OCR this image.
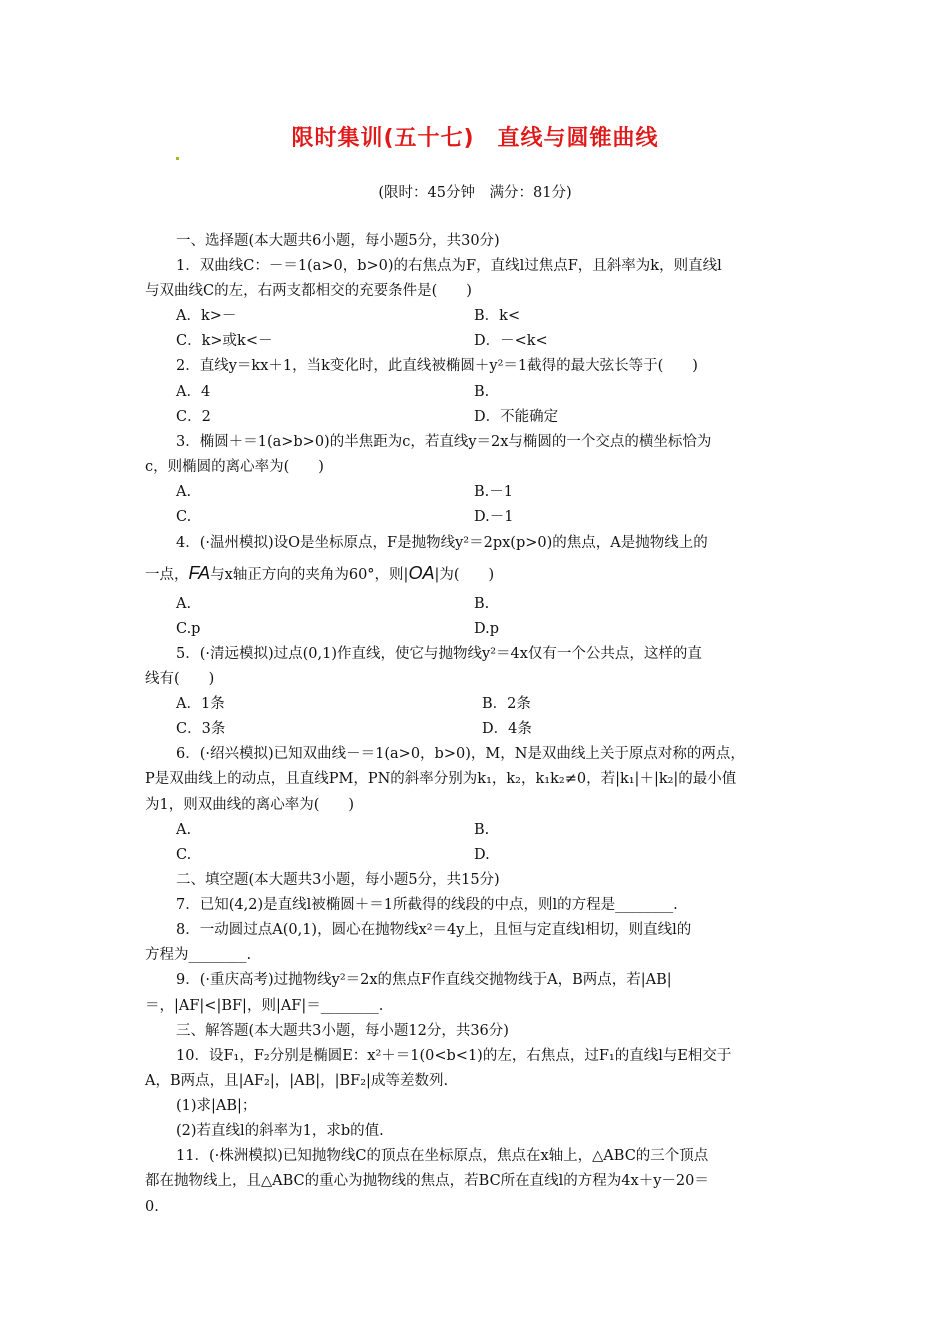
限时集训(五十七)　直线与圆锥曲线
(限时：45分钟　满分：81分)
一、选择题(本大题共6小题，每小题5分，共30分)
1．双曲线C：－＝1(a>0，b>0)的右焦点为F，直线l过焦点F，且斜率为k，则直线l
与双曲线C的左，右两支都相交的充要条件是(　　)
A．k>－	B．k<
C．k>或k<－	D．－<k<
2．直线y＝kx＋1，当k变化时，此直线被椭圆＋y²＝1截得的最大弦长等于(　　)
A．4	B.
C．2	D．不能确定
3．椭圆＋＝1(a>b>0)的半焦距为c，若直线y＝2x与椭圆的一个交点的横坐标恰为
c，则椭圆的离心率为(　　)
A.	B.－1
C.	D.－1
4．(·温州模拟)设O是坐标原点，F是抛物线y²＝2px(p>0)的焦点，A是抛物线上的
一点，FA与x轴正方向的夹角为60°，则|OA|为(　　)
A.	B.
C.p	D.p
5．(·清远模拟)过点(0,1)作直线，使它与抛物线y²＝4x仅有一个公共点，这样的直
线有(　　)
A．1条	B．2条
C．3条	D．4条
6．(·绍兴模拟)已知双曲线－＝1(a>0，b>0)，M，N是双曲线上关于原点对称的两点，
P是双曲线上的动点，且直线PM，PN的斜率分别为k₁，k₂，k₁k₂≠0，若|k₁|＋|k₂|的最小值
为1，则双曲线的离心率为(　　)
A.	B.
C.	D.
二、填空题(本大题共3小题，每小题5分，共15分)
7．已知(4,2)是直线l被椭圆＋＝1所截得的线段的中点，则l的方程是________.
8．一动圆过点A(0,1)，圆心在抛物线x²＝4y上，且恒与定直线l相切，则直线l的
方程为________.
9．(·重庆高考)过抛物线y²＝2x的焦点F作直线交抛物线于A，B两点，若|AB|
＝，|AF|<|BF|，则|AF|＝________.
三、解答题(本大题共3小题，每小题12分，共36分)
10．设F₁，F₂分别是椭圆E：x²＋＝1(0<b<1)的左，右焦点，过F₁的直线l与E相交于
A，B两点，且|AF₂|，|AB|，|BF₂|成等差数列.
(1)求|AB|；
(2)若直线l的斜率为1，求b的值.
11．(·株洲模拟)已知抛物线C的顶点在坐标原点，焦点在x轴上，△ABC的三个顶点
都在抛物线上，且△ABC的重心为抛物线的焦点，若BC所在直线l的方程为4x＋y－20＝
0.
